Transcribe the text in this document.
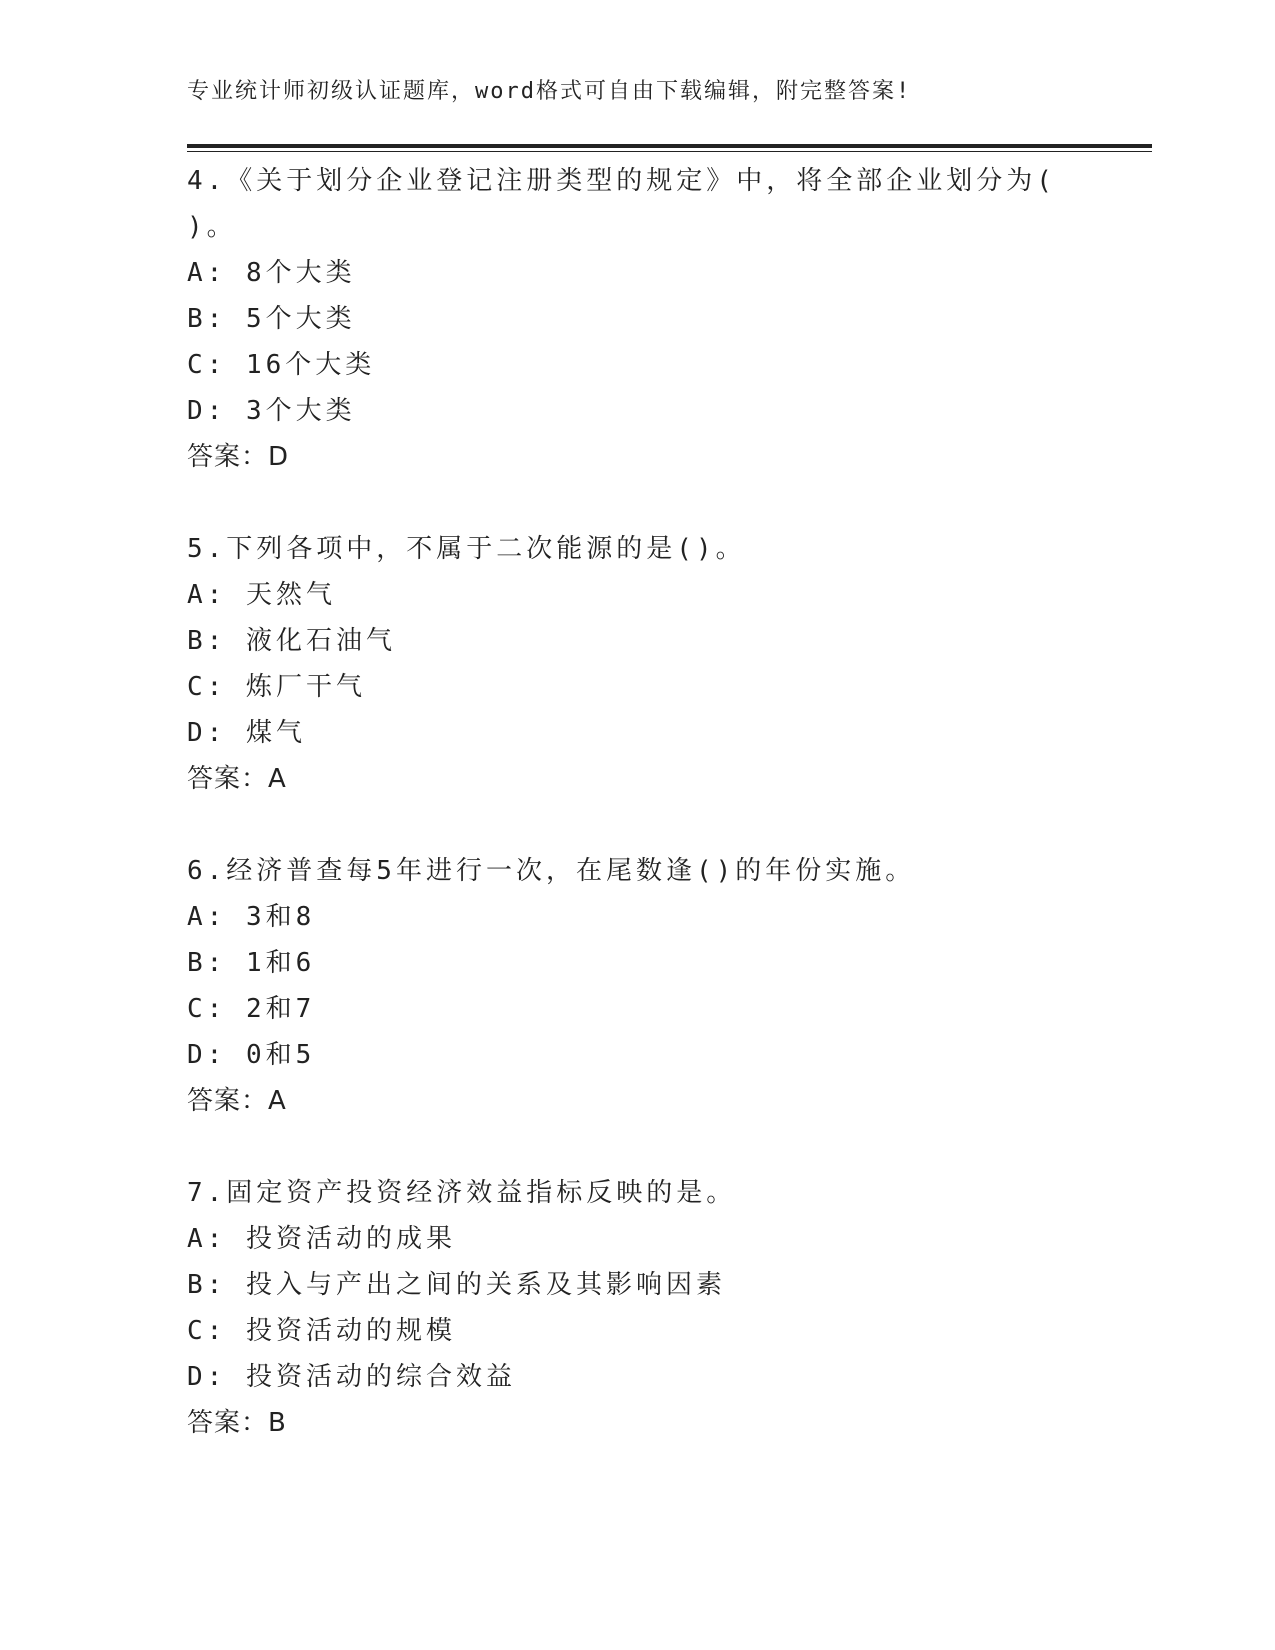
专业统计师初级认证题库，word格式可自由下载编辑，附完整答案!
4.《关于划分企业登记注册类型的规定》中，将全部企业划分为(
)。
A: 8个大类
B: 5个大类
C: 16个大类
D: 3个大类
答案：D
5.下列各项中，不属于二次能源的是()。
A: 天然气
B: 液化石油气
C: 炼厂干气
D: 煤气
答案：A
6.经济普查每5年进行一次，在尾数逢()的年份实施。
A: 3和8
B: 1和6
C: 2和7
D: 0和5
答案：A
7.固定资产投资经济效益指标反映的是。
A: 投资活动的成果
B: 投入与产出之间的关系及其影响因素
C: 投资活动的规模
D: 投资活动的综合效益
答案：B
